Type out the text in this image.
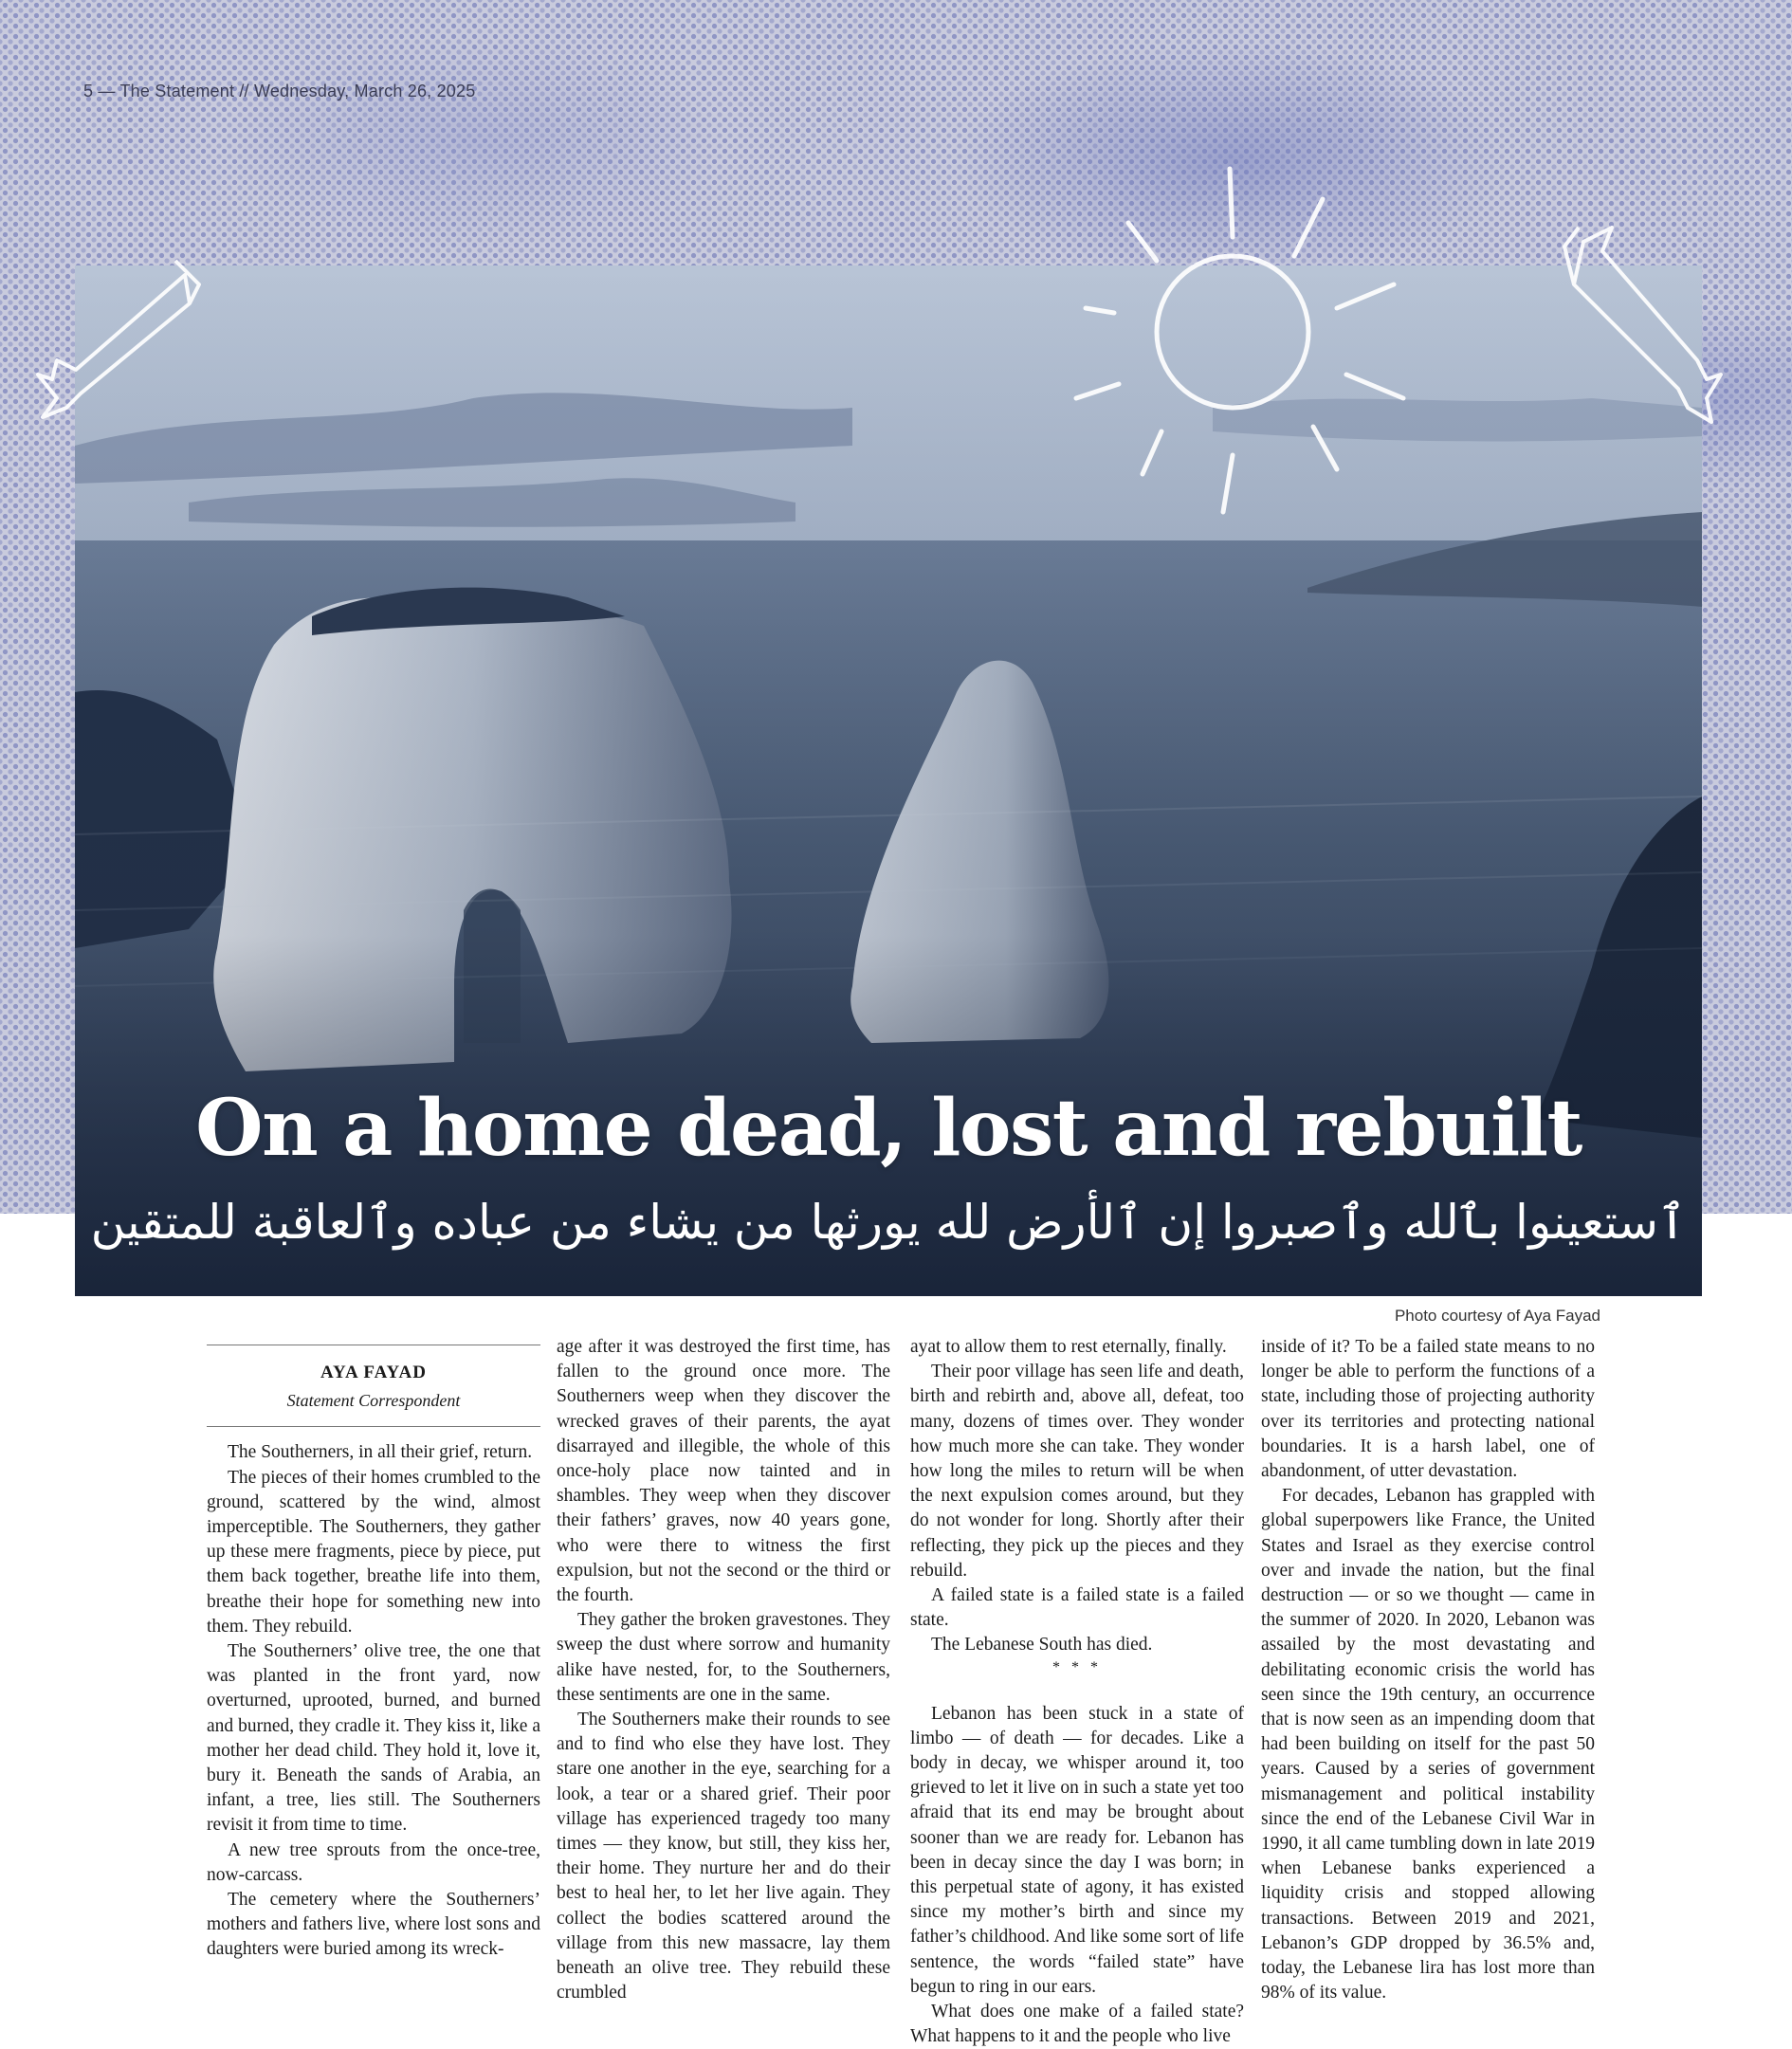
5 — The Statement // Wednesday, March 26, 2025
On a home dead, lost and rebuilt
ٱستعينوا بٱلله وٱصبروا إن ٱلأرض لله يورثها من يشاء من عباده وٱلعاقبة للمتقين
Photo courtesy of Aya Fayad
AYA FAYAD
Statement Correspondent

The Southerners, in all their grief, return.

The pieces of their homes crumbled to the ground, scattered by the wind, almost imperceptible. The Southerners, they gather up these mere fragments, piece by piece, put them back together, breathe life into them, breathe their hope for something new into them. They rebuild.

The Southerners’ olive tree, the one that was planted in the front yard, now overturned, uprooted, burned, and burned and burned, they cradle it. They kiss it, like a mother her dead child. They hold it, love it, bury it. Beneath the sands of Arabia, an infant, a tree, lies still. The Southerners revisit it from time to time.

A new tree sprouts from the once-tree, now-carcass.

The cemetery where the Southerners’ mothers and fathers live, where lost sons and daughters were buried among its wreck-

age after it was destroyed the first time, has fallen to the ground once more. The Southerners weep when they discover the wrecked graves of their parents, the ayat disarrayed and illegible, the whole of this once-holy place now tainted and in shambles. They weep when they discover their fathers’ graves, now 40 years gone, who were there to witness the first expulsion, but not the second or the third or the fourth.

They gather the broken gravestones. They sweep the dust where sorrow and humanity alike have nested, for, to the Southerners, these sentiments are one in the same.

The Southerners make their rounds to see and to find who else they have lost. They stare one another in the eye, searching for a look, a tear or a shared grief. Their poor village has experienced tragedy too many times — they know, but still, they kiss her, their home. They nurture her and do their best to heal her, to let her live again. They collect the bodies scattered around the village from this new massacre, lay them beneath an olive tree. They rebuild these crumbled

ayat to allow them to rest eternally, finally.

Their poor village has seen life and death, birth and rebirth and, above all, defeat, too many, dozens of times over. They wonder how much more she can take. They wonder how long the miles to return will be when the next expulsion comes around, but they do not wonder for long. Shortly after their reflecting, they pick up the pieces and they rebuild.

A failed state is a failed state is a failed state.

The Lebanese South has died.

* * *

Lebanon has been stuck in a state of limbo — of death — for decades. Like a body in decay, we whisper around it, too grieved to let it live on in such a state yet too afraid that its end may be brought about sooner than we are ready for. Lebanon has been in decay since the day I was born; in this perpetual state of agony, it has existed since my mother’s birth and since my father’s childhood. And like some sort of life sentence, the words “failed state” have begun to ring in our ears.

What does one make of a failed state? What happens to it and the people who live

inside of it? To be a failed state means to no longer be able to perform the functions of a state, including those of projecting authority over its territories and protecting national boundaries. It is a harsh label, one of abandonment, of utter devastation.

For decades, Lebanon has grappled with global superpowers like France, the United States and Israel as they exercise control over and invade the nation, but the final destruction — or so we thought — came in the summer of 2020. In 2020, Lebanon was assailed by the most devastating and debilitating economic crisis the world has seen since the 19th century, an occurrence that is now seen as an impending doom that had been building on itself for the past 50 years. Caused by a series of government mismanagement and political instability since the end of the Lebanese Civil War in 1990, it all came tumbling down in late 2019 when Lebanese banks experienced a liquidity crisis and stopped allowing transactions. Between 2019 and 2021, Lebanon’s GDP dropped by 36.5% and, today, the Lebanese lira has lost more than 98% of its value.
